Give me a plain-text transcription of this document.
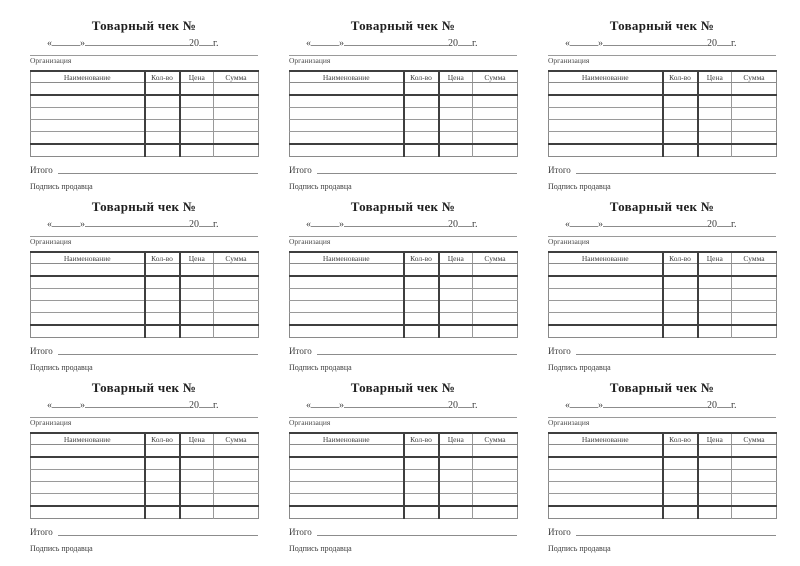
Товарный чек №
«	»	20 г.
Организация
Наименование	Кол-во	Цена	Сумма

Итого
Подпись продавца
Товарный чек №
«	»	20 г.
Организация
Наименование	Кол-во	Цена	Сумма

Итого
Подпись продавца
Товарный чек №
«	»	20 г.
Организация
Наименование	Кол-во	Цена	Сумма

Итого
Подпись продавца
Товарный чек №
«	»	20 г.
Организация
Наименование	Кол-во	Цена	Сумма

Итого
Подпись продавца
Товарный чек №
«	»	20 г.
Организация
Наименование	Кол-во	Цена	Сумма

Итого
Подпись продавца
Товарный чек №
«	»	20 г.
Организация
Наименование	Кол-во	Цена	Сумма

Итого
Подпись продавца
Товарный чек №
«	»	20 г.
Организация
Наименование	Кол-во	Цена	Сумма

Итого
Подпись продавца
Товарный чек №
«	»	20 г.
Организация
Наименование	Кол-во	Цена	Сумма

Итого
Подпись продавца
Товарный чек №
«	»	20 г.
Организация
Наименование	Кол-во	Цена	Сумма

Итого
Подпись продавца
